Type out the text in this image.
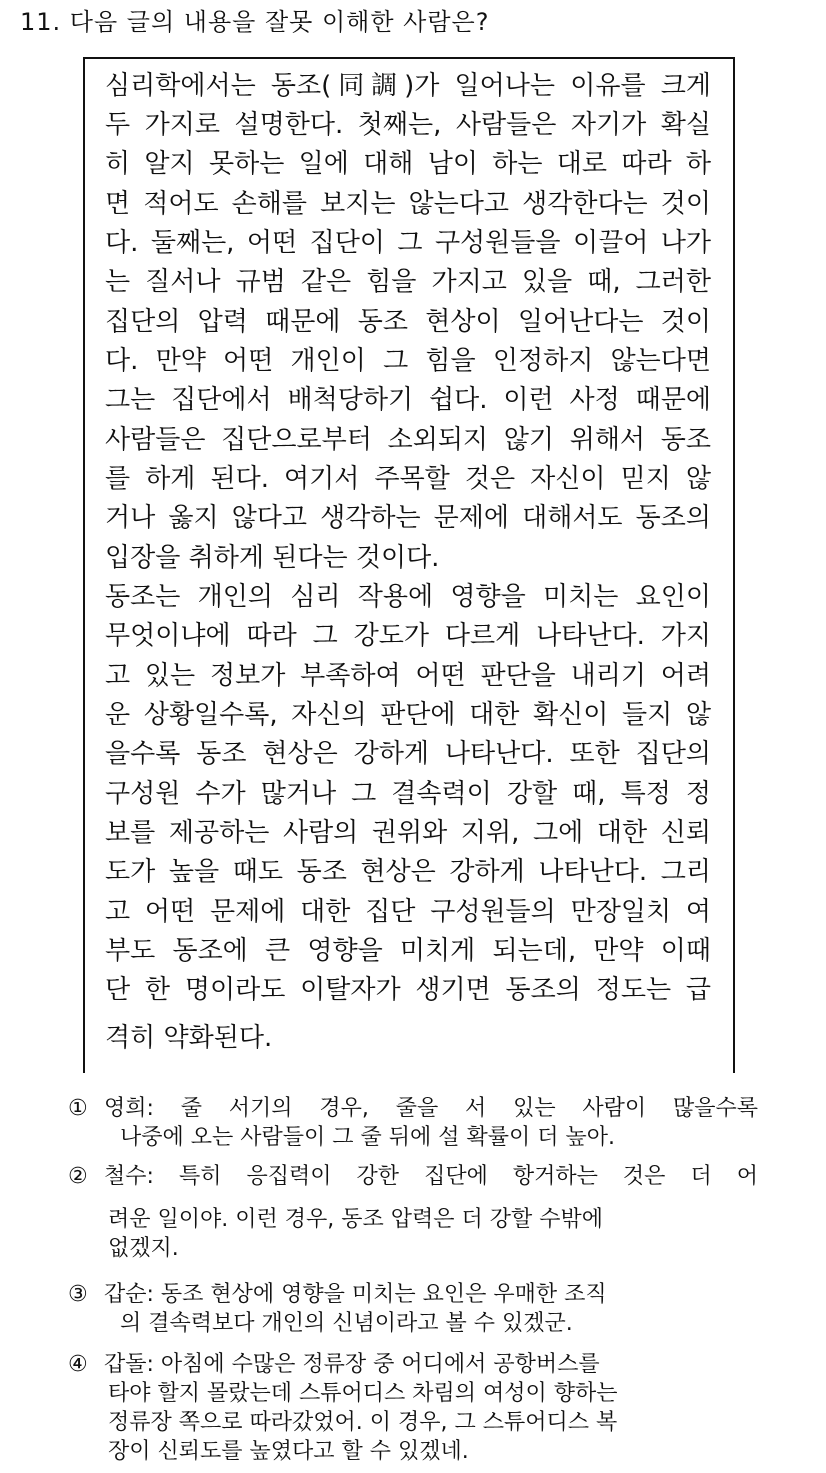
11. 다음 글의 내용을 잘못 이해한 사람은?
심리학에서는 동조(同調)가 일어나는 이유를 크게
두 가지로 설명한다. 첫째는, 사람들은 자기가 확실
히 알지 못하는 일에 대해 남이 하는 대로 따라 하
면 적어도 손해를 보지는 않는다고 생각한다는 것이
다. 둘째는, 어떤 집단이 그 구성원들을 이끌어 나가
는 질서나 규범 같은 힘을 가지고 있을 때, 그러한
집단의 압력 때문에 동조 현상이 일어난다는 것이
다. 만약 어떤 개인이 그 힘을 인정하지 않는다면
그는 집단에서 배척당하기 쉽다. 이런 사정 때문에
사람들은 집단으로부터 소외되지 않기 위해서 동조
를 하게 된다. 여기서 주목할 것은 자신이 믿지 않
거나 옳지 않다고 생각하는 문제에 대해서도 동조의
입장을 취하게 된다는 것이다.
동조는 개인의 심리 작용에 영향을 미치는 요인이
무엇이냐에 따라 그 강도가 다르게 나타난다. 가지
고 있는 정보가 부족하여 어떤 판단을 내리기 어려
운 상황일수록, 자신의 판단에 대한 확신이 들지 않
을수록 동조 현상은 강하게 나타난다. 또한 집단의
구성원 수가 많거나 그 결속력이 강할 때, 특정 정
보를 제공하는 사람의 권위와 지위, 그에 대한 신뢰
도가 높을 때도 동조 현상은 강하게 나타난다. 그리
고 어떤 문제에 대한 집단 구성원들의 만장일치 여
부도 동조에 큰 영향을 미치게 되는데, 만약 이때
단 한 명이라도 이탈자가 생기면 동조의 정도는 급
격히 약화된다.
① 영희: 줄 서기의 경우, 줄을 서 있는 사람이 많을수록
나중에 오는 사람들이 그 줄 뒤에 설 확률이 더 높아.
② 철수: 특히 응집력이 강한 집단에 항거하는 것은 더 어
려운 일이야. 이런 경우, 동조 압력은 더 강할 수밖에
없겠지.
③ 갑순: 동조 현상에 영향을 미치는 요인은 우매한 조직
의 결속력보다 개인의 신념이라고 볼 수 있겠군.
④ 갑돌: 아침에 수많은 정류장 중 어디에서 공항버스를
타야 할지 몰랐는데 스튜어디스 차림의 여성이 향하는
정류장 쪽으로 따라갔었어. 이 경우, 그 스튜어디스 복
장이 신뢰도를 높였다고 할 수 있겠네.
